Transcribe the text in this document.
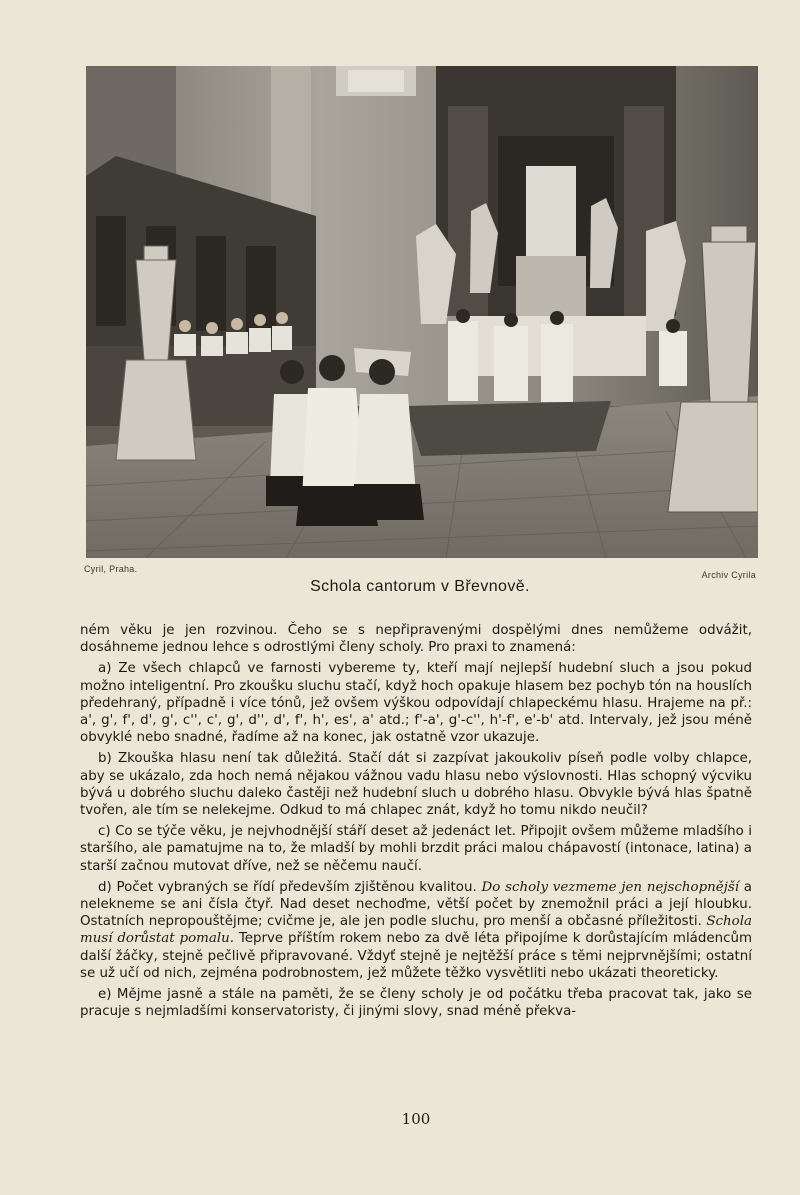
Cyril, Praha.
Archiv Cyrila
Schola cantorum v Břevnově.

ném věku je jen rozvinou. Čeho se s nepřipravenými dospělými dnes nemůžeme odvážit, dosáhneme jednou lehce s odrostlými členy scholy. Pro praxi to znamená:

a) Ze všech chlapců ve farnosti vybereme ty, kteří mají nejlepší hudební sluch a jsou pokud možno inteligentní. Pro zkoušku sluchu stačí, když hoch opakuje hlasem bez pochyb tón na houslích předehraný, případně i více tónů, jež ovšem výškou odpovídají chlapeckému hlasu. Hrajeme na př.: a', g', f', d', g', c'', c', g', d'', d', f', h', es', a' atd.; f'-a', g'-c'', h'-f', e'-b' atd. Intervaly, jež jsou méně obvyklé nebo snadné, řadíme až na konec, jak ostatně vzor ukazuje.

b) Zkouška hlasu není tak důležitá. Stačí dát si zazpívat jakoukoliv píseň podle volby chlapce, aby se ukázalo, zda hoch nemá nějakou vážnou vadu hlasu nebo výslovnosti. Hlas schopný výcviku bývá u dobrého sluchu daleko častěji než hudební sluch u dobrého hlasu. Obvykle bývá hlas špatně tvořen, ale tím se nelekejme. Odkud to má chlapec znát, když ho tomu nikdo neučil?

c) Co se týče věku, je nejvhodnější stáří deset až jedenáct let. Připojit ovšem můžeme mladšího i staršího, ale pamatujme na to, že mladší by mohli brzdit práci malou chápavostí (intonace, latina) a starší začnou mutovat dříve, než se něčemu naučí.

d) Počet vybraných se řídí především zjištěnou kvalitou. Do scholy vezmeme jen nejschopnější a nelekneme se ani čísla čtyř. Nad deset nechoďme, větší počet by znemožnil práci a její hloubku. Ostatních nepropouštějme; cvičme je, ale jen podle sluchu, pro menší a občasné příležitosti. Schola musí dorůstat pomalu. Teprve příštím rokem nebo za dvě léta připojíme k dorůstajícím mládencům další žáčky, stejně pečlivě připravované. Vždyť stejně je nejtěžší práce s těmi nejprvnějšími; ostatní se už učí od nich, zejména podrobnostem, jež můžete těžko vysvětliti nebo ukázati theoreticky.

e) Mějme jasně a stále na paměti, že se členy scholy je od počátku třeba pracovat tak, jako se pracuje s nejmladšími konservatoristy, či jinými slovy, snad méně překva-

100
